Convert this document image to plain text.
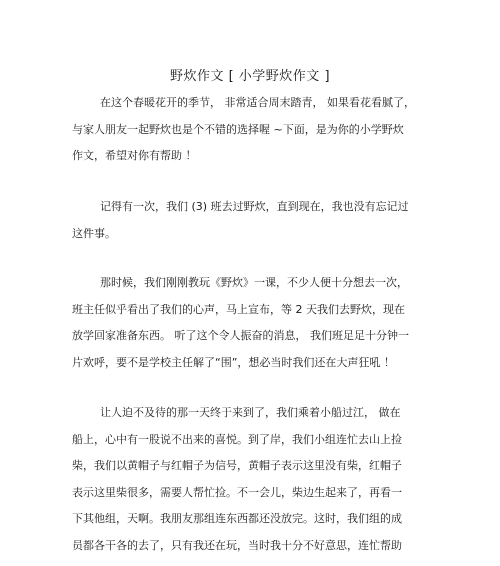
野炊作文 [ 小学野炊作文 ]
在这个春暖花开的季节， 非常适合周末踏青， 如果看花看腻了，
与家人朋友一起野炊也是个不错的选择喔 ~下面，是为你的小学野炊
作文，希望对你有帮助 ！
记得有一次，我们 (3) 班去过野炊，直到现在，我也没有忘记过
这件事。
那时候，我们刚刚教玩《野炊》一课，不少人便十分想去一次，
班主任似乎看出了我们的心声，马上宣布，等 2 天我们去野炊，现在
放学回家准备东西。 听了这个令人振奋的消息， 我们班足足十分钟一
片欢呼，要不是学校主任解了“围”，想必当时我们还在大声狂吼 ！
让人迫不及待的那一天终于来到了，我们乘着小船过江， 做在
船上，心中有一股说不出来的喜悦。到了岸，我们小组连忙去山上捡
柴，我们以黄帽子与红帽子为信号，黄帽子表示这里没有柴，红帽子
表示这里柴很多，需要人帮忙捡。不一会儿，柴边生起来了，再看一
下其他组，天啊。我朋友那组连东西都还没放完。这时，我们组的成
员都各干各的去了，只有我还在玩，当时我十分不好意思，连忙帮助
